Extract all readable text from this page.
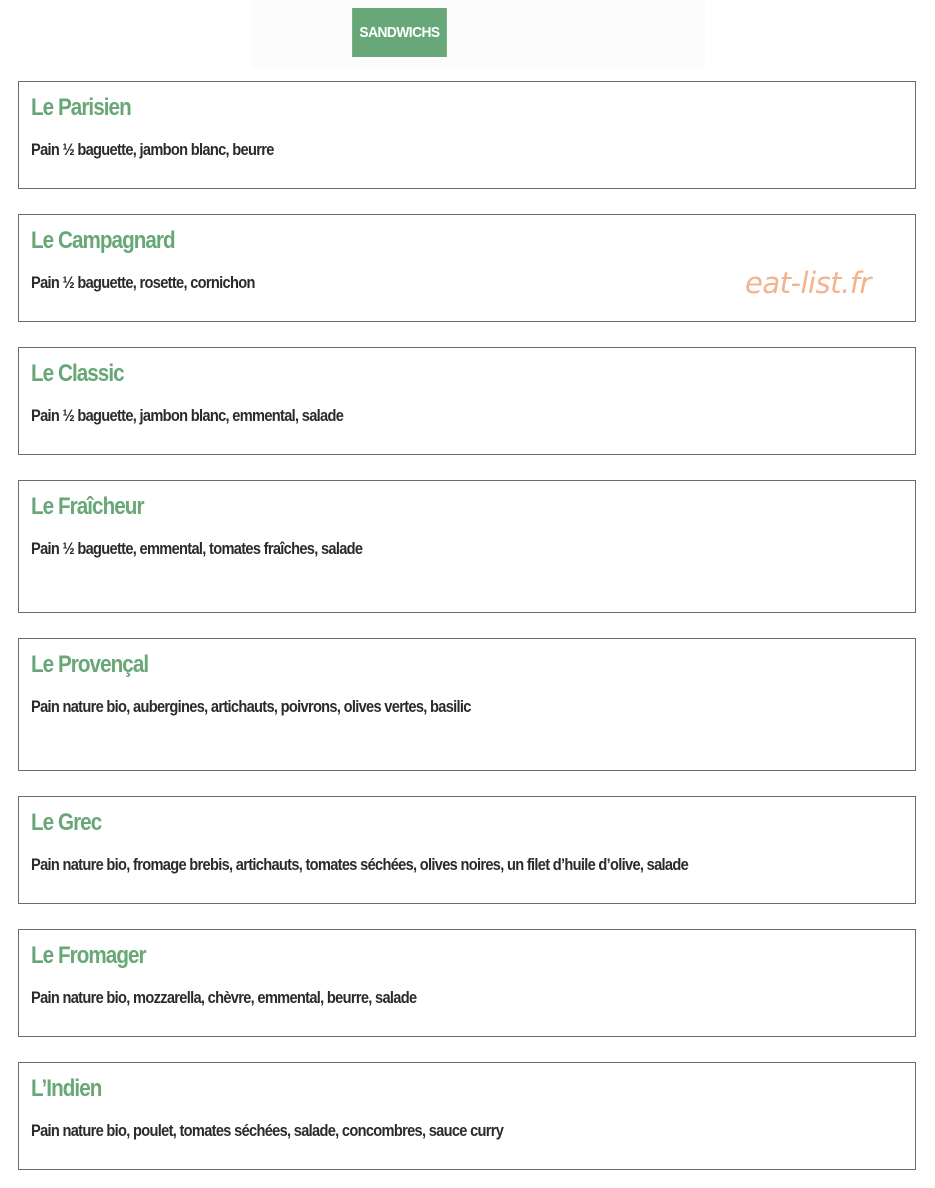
SANDWICHS
Le Parisien

Pain ½ baguette, jambon blanc, beurre

Le Campagnard

Pain ½ baguette, rosette, cornichon

Le Classic

Pain ½ baguette, jambon blanc, emmental, salade

Le Fraîcheur

Pain ½ baguette, emmental, tomates fraîches, salade

Le Provençal

Pain nature bio, aubergines, artichauts, poivrons, olives vertes, basilic

Le Grec

Pain nature bio, fromage brebis, artichauts, tomates séchées, olives noires, un filet d’huile d’olive, salade

Le Fromager

Pain nature bio, mozzarella, chèvre, emmental, beurre, salade

L’Indien

Pain nature bio, poulet, tomates séchées, salade, concombres, sauce curry

eat-list.fr
